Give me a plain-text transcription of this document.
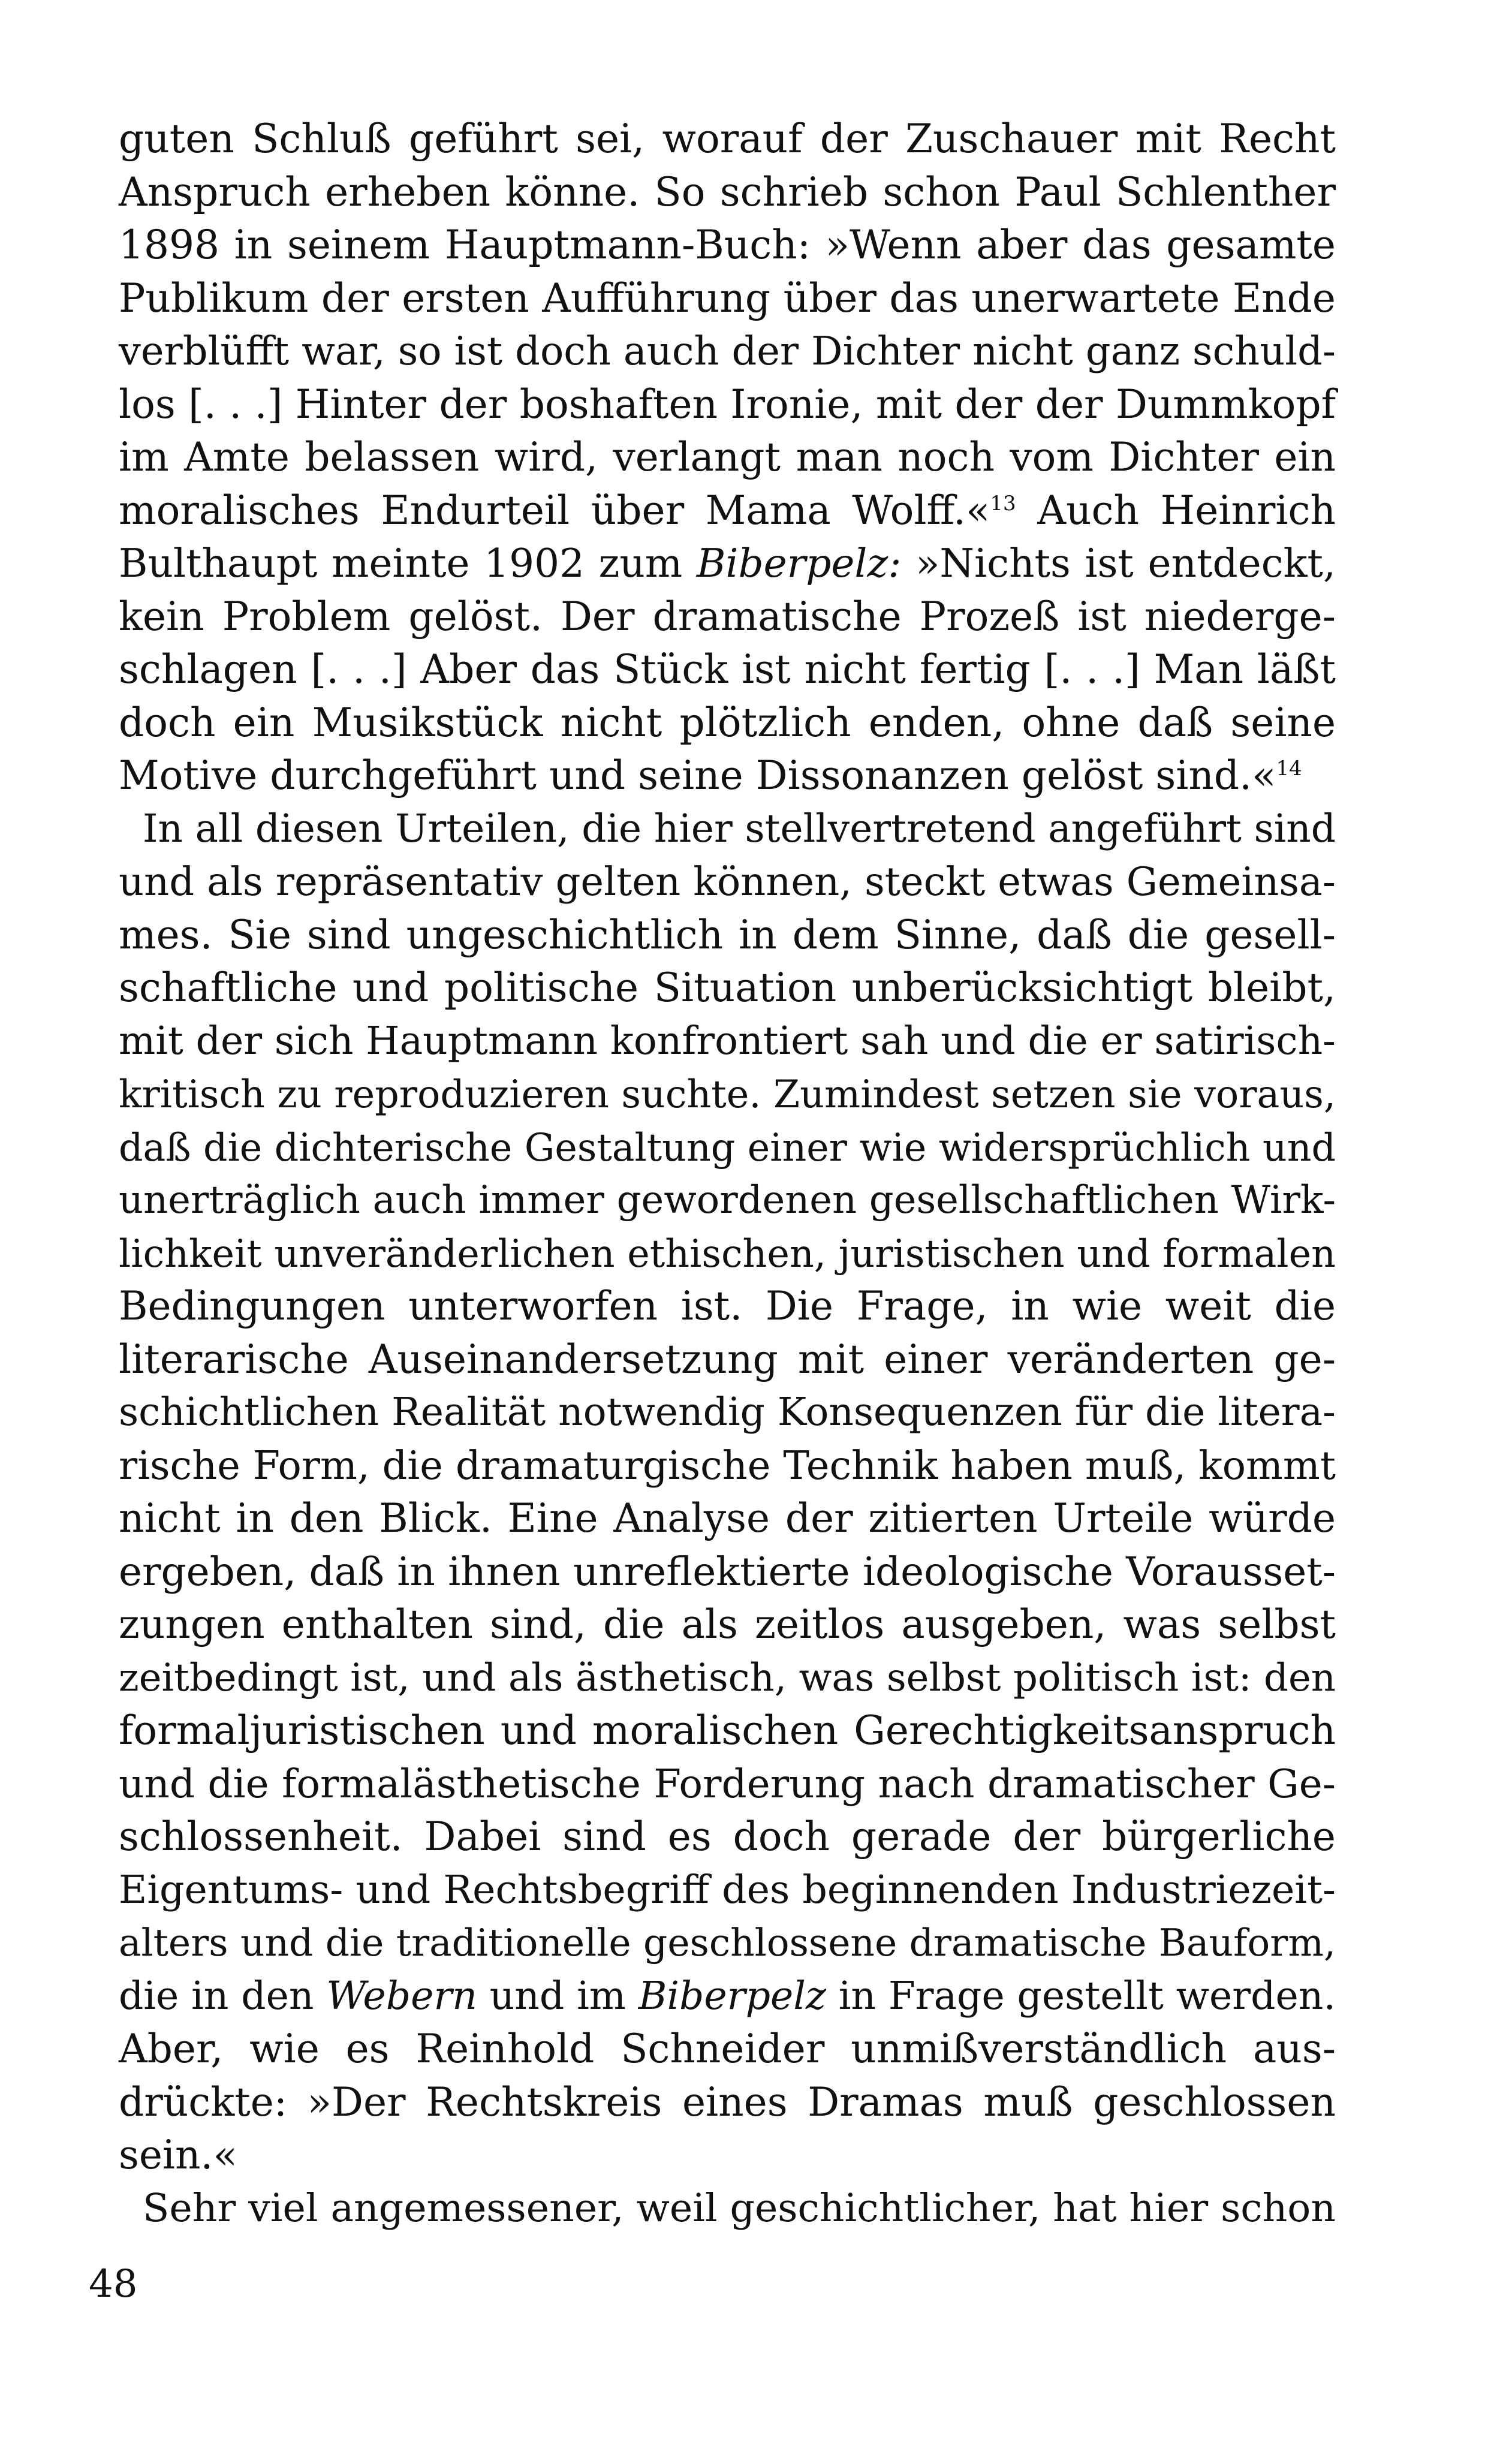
guten Schluß geführt sei, worauf der Zuschauer mit Recht
Anspruch erheben könne. So schrieb schon Paul Schlenther
1898 in seinem Hauptmann-Buch: »Wenn aber das gesamte
Publikum der ersten Aufführung über das unerwartete Ende
verblüfft war, so ist doch auch der Dichter nicht ganz schuld-
los [. . .] Hinter der boshaften Ironie, mit der der Dummkopf
im Amte belassen wird, verlangt man noch vom Dichter ein
moralisches Endurteil über Mama Wolff.«$^{13}$ Auch Heinrich
Bulthaupt meinte 1902 zum Biberpelz: »Nichts ist entdeckt,
kein Problem gelöst. Der dramatische Prozeß ist niederge-
schlagen [. . .] Aber das Stück ist nicht fertig [. . .] Man läßt
doch ein Musikstück nicht plötzlich enden, ohne daß seine
Motive durchgeführt und seine Dissonanzen gelöst sind.«$^{14}$
In all diesen Urteilen, die hier stellvertretend angeführt sind
und als repräsentativ gelten können, steckt etwas Gemeinsa-
mes. Sie sind ungeschichtlich in dem Sinne, daß die gesell-
schaftliche und politische Situation unberücksichtigt bleibt,
mit der sich Hauptmann konfrontiert sah und die er satirisch-
kritisch zu reproduzieren suchte. Zumindest setzen sie voraus,
daß die dichterische Gestaltung einer wie widersprüchlich und
unerträglich auch immer gewordenen gesellschaftlichen Wirk-
lichkeit unveränderlichen ethischen, juristischen und formalen
Bedingungen unterworfen ist. Die Frage, in wie weit die
literarische Auseinandersetzung mit einer veränderten ge-
schichtlichen Realität notwendig Konsequenzen für die litera-
rische Form, die dramaturgische Technik haben muß, kommt
nicht in den Blick. Eine Analyse der zitierten Urteile würde
ergeben, daß in ihnen unreflektierte ideologische Vorausset-
zungen enthalten sind, die als zeitlos ausgeben, was selbst
zeitbedingt ist, und als ästhetisch, was selbst politisch ist: den
formaljuristischen und moralischen Gerechtigkeitsanspruch
und die formalästhetische Forderung nach dramatischer Ge-
schlossenheit. Dabei sind es doch gerade der bürgerliche
Eigentums- und Rechtsbegriff des beginnenden Industriezeit-
alters und die traditionelle geschlossene dramatische Bauform,
die in den Webern und im Biberpelz in Frage gestellt werden.
Aber, wie es Reinhold Schneider unmißverständlich aus-
drückte: »Der Rechtskreis eines Dramas muß geschlossen
sein.«
Sehr viel angemessener, weil geschichtlicher, hat hier schon
48
